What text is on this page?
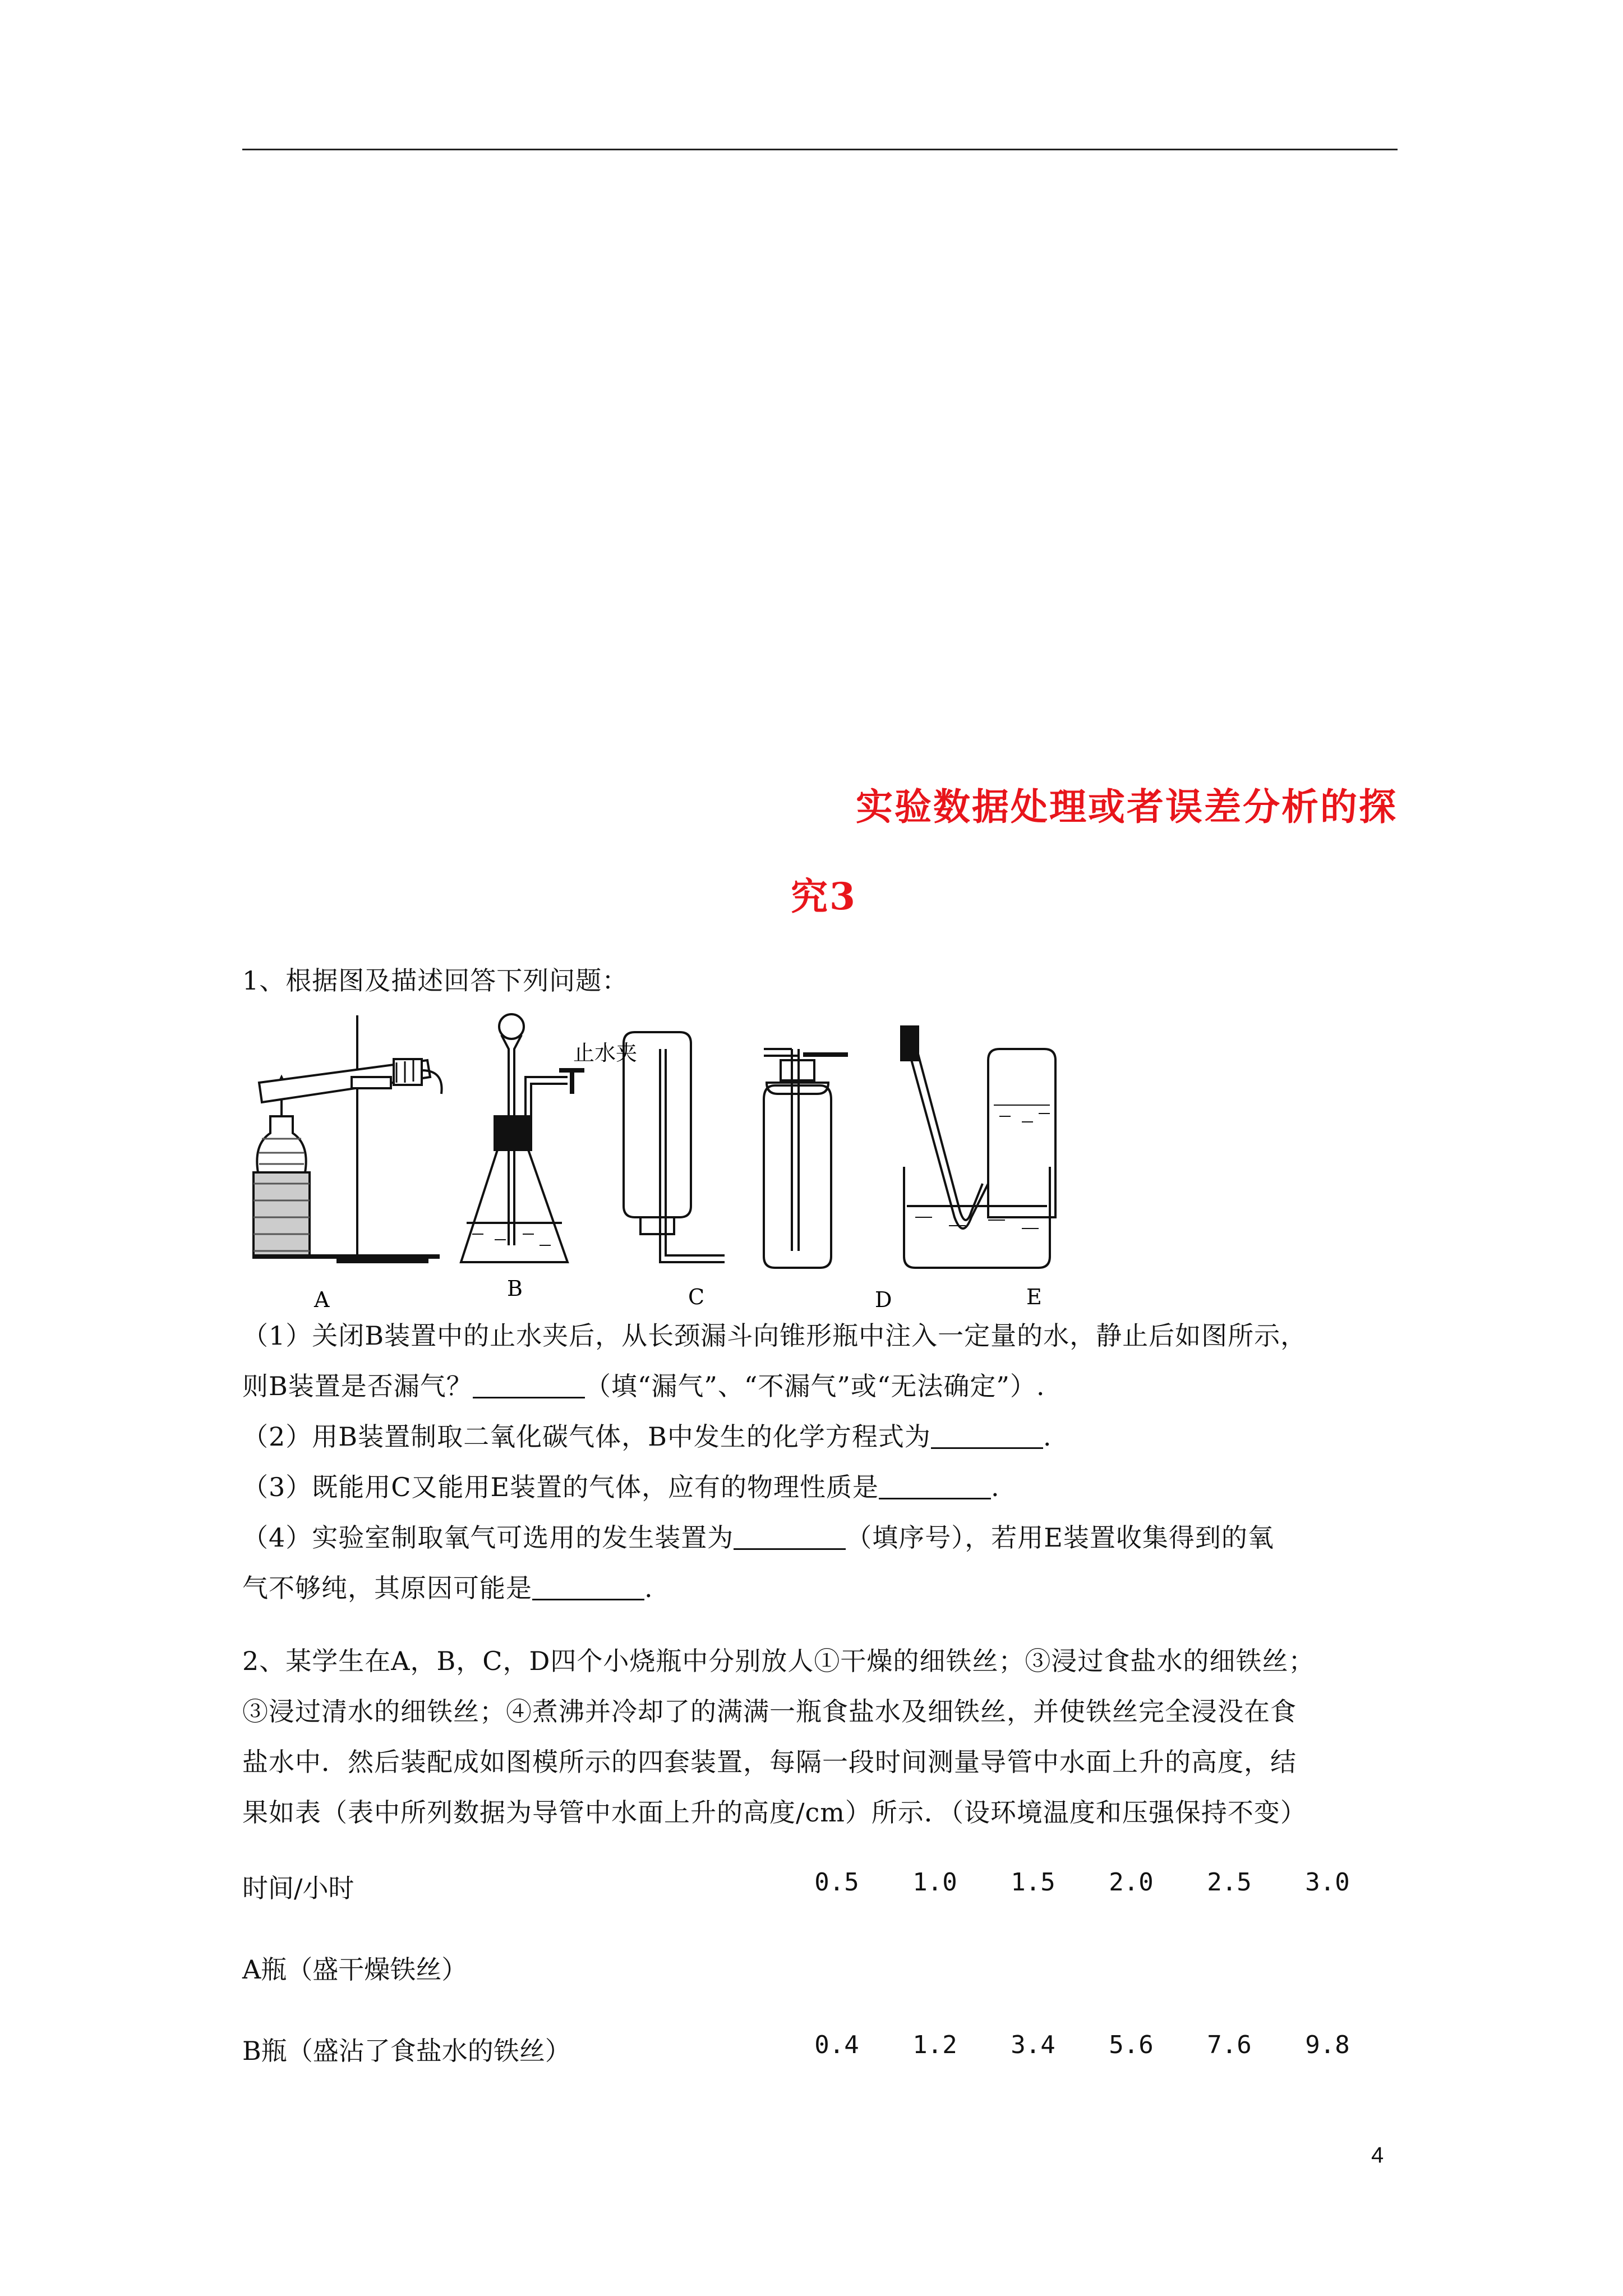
实验数据处理或者误差分析的探
究3
1、根据图及描述回答下列问题：
止水夹
A	B	C	D	E
（1）关闭B装置中的止水夹后，从长颈漏斗向锥形瓶中注入一定量的水，静止后如图所示，
则B装置是否漏气？	（填“漏气”、“不漏气”或“无法确定”）.
（2）用B装置制取二氧化碳气体，B中发生的化学方程式为	.
（3）既能用C又能用E装置的气体，应有的物理性质是	.
（4）实验室制取氧气可选用的发生装置为	（填序号），若用E装置收集得到的氧
气不够纯，其原因可能是	.
2、某学生在A，B，C，D四个小烧瓶中分别放人①干燥的细铁丝；③浸过食盐水的细铁丝；
③浸过清水的细铁丝；④煮沸并冷却了的满满一瓶食盐水及细铁丝，并使铁丝完全浸没在食
盐水中．然后装配成如图模所示的四套装置，每隔一段时间测量导管中水面上升的高度，结
果如表（表中所列数据为导管中水面上升的高度/cm）所示．（设环境温度和压强保持不变）
时间/小时	0.5	1.0	1.5	2.0	2.5	3.0
A瓶（盛干燥铁丝）
B瓶（盛沾了食盐水的铁丝）	0.4	1.2	3.4	5.6	7.6	9.8
4
